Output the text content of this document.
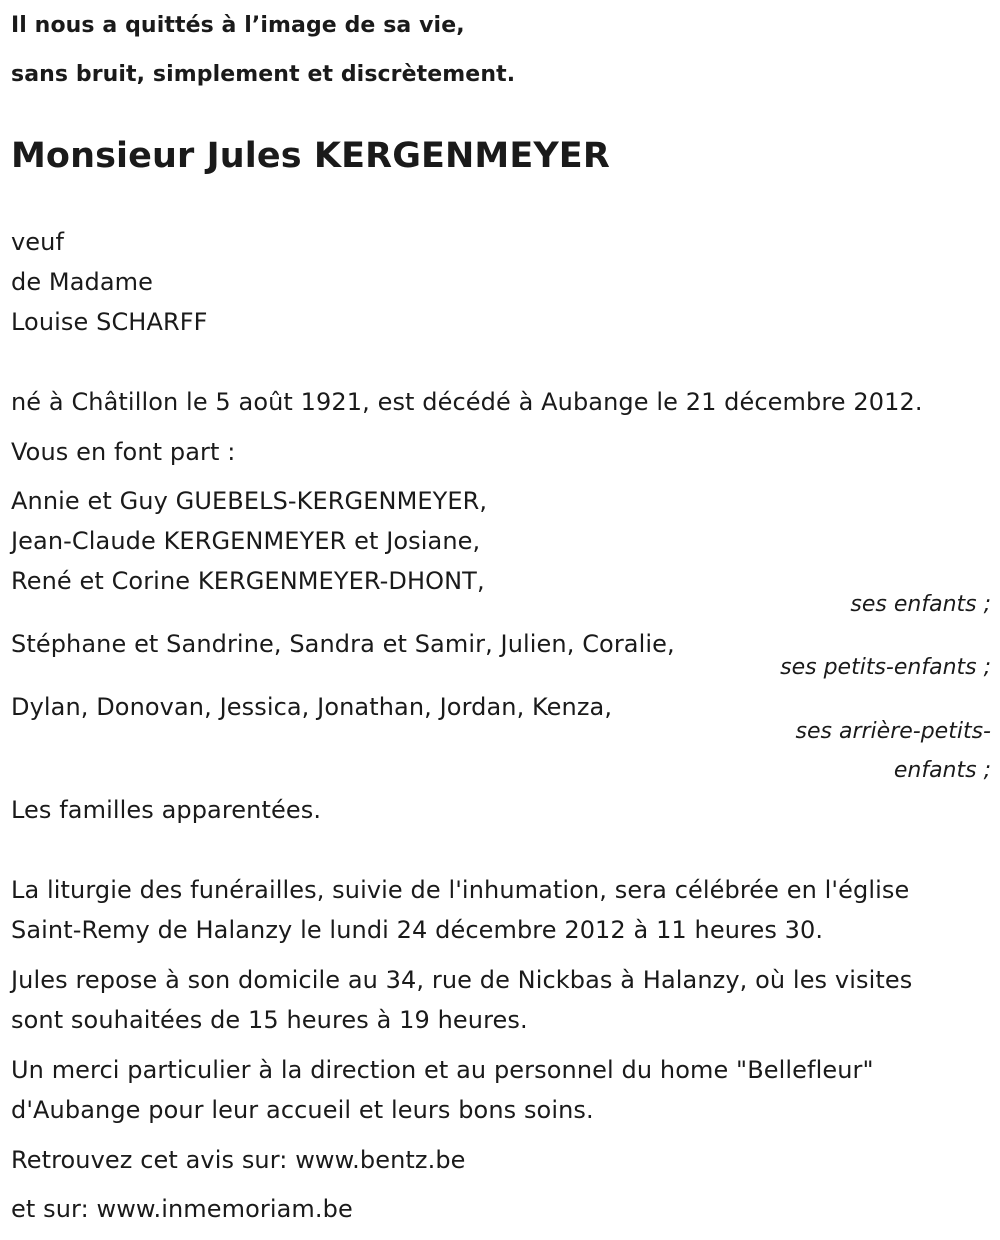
Il nous a quittés à l’image de sa vie,
sans bruit, simplement et discrètement.
Monsieur Jules KERGENMEYER
veuf
de Madame
Louise SCHARFF
né à Châtillon le 5 août 1921, est décédé à Aubange le 21 décembre 2012.
Vous en font part :
Annie et Guy GUEBELS-KERGENMEYER,
Jean-Claude KERGENMEYER et Josiane,
René et Corine KERGENMEYER-DHONT,
ses enfants ;
Stéphane et Sandrine, Sandra et Samir, Julien, Coralie,
ses petits-enfants ;
Dylan, Donovan, Jessica, Jonathan, Jordan, Kenza,
ses arrière-petits-
enfants ;
Les familles apparentées.
La liturgie des funérailles, suivie de l'inhumation, sera célébrée en l'église
Saint-Remy de Halanzy le lundi 24 décembre 2012 à 11 heures 30.
Jules repose à son domicile au 34, rue de Nickbas à Halanzy, où les visites
sont souhaitées de 15 heures à 19 heures.
Un merci particulier à la direction et au personnel du home "Bellefleur"
d'Aubange pour leur accueil et leurs bons soins.
Retrouvez cet avis sur: www.bentz.be
et sur: www.inmemoriam.be
